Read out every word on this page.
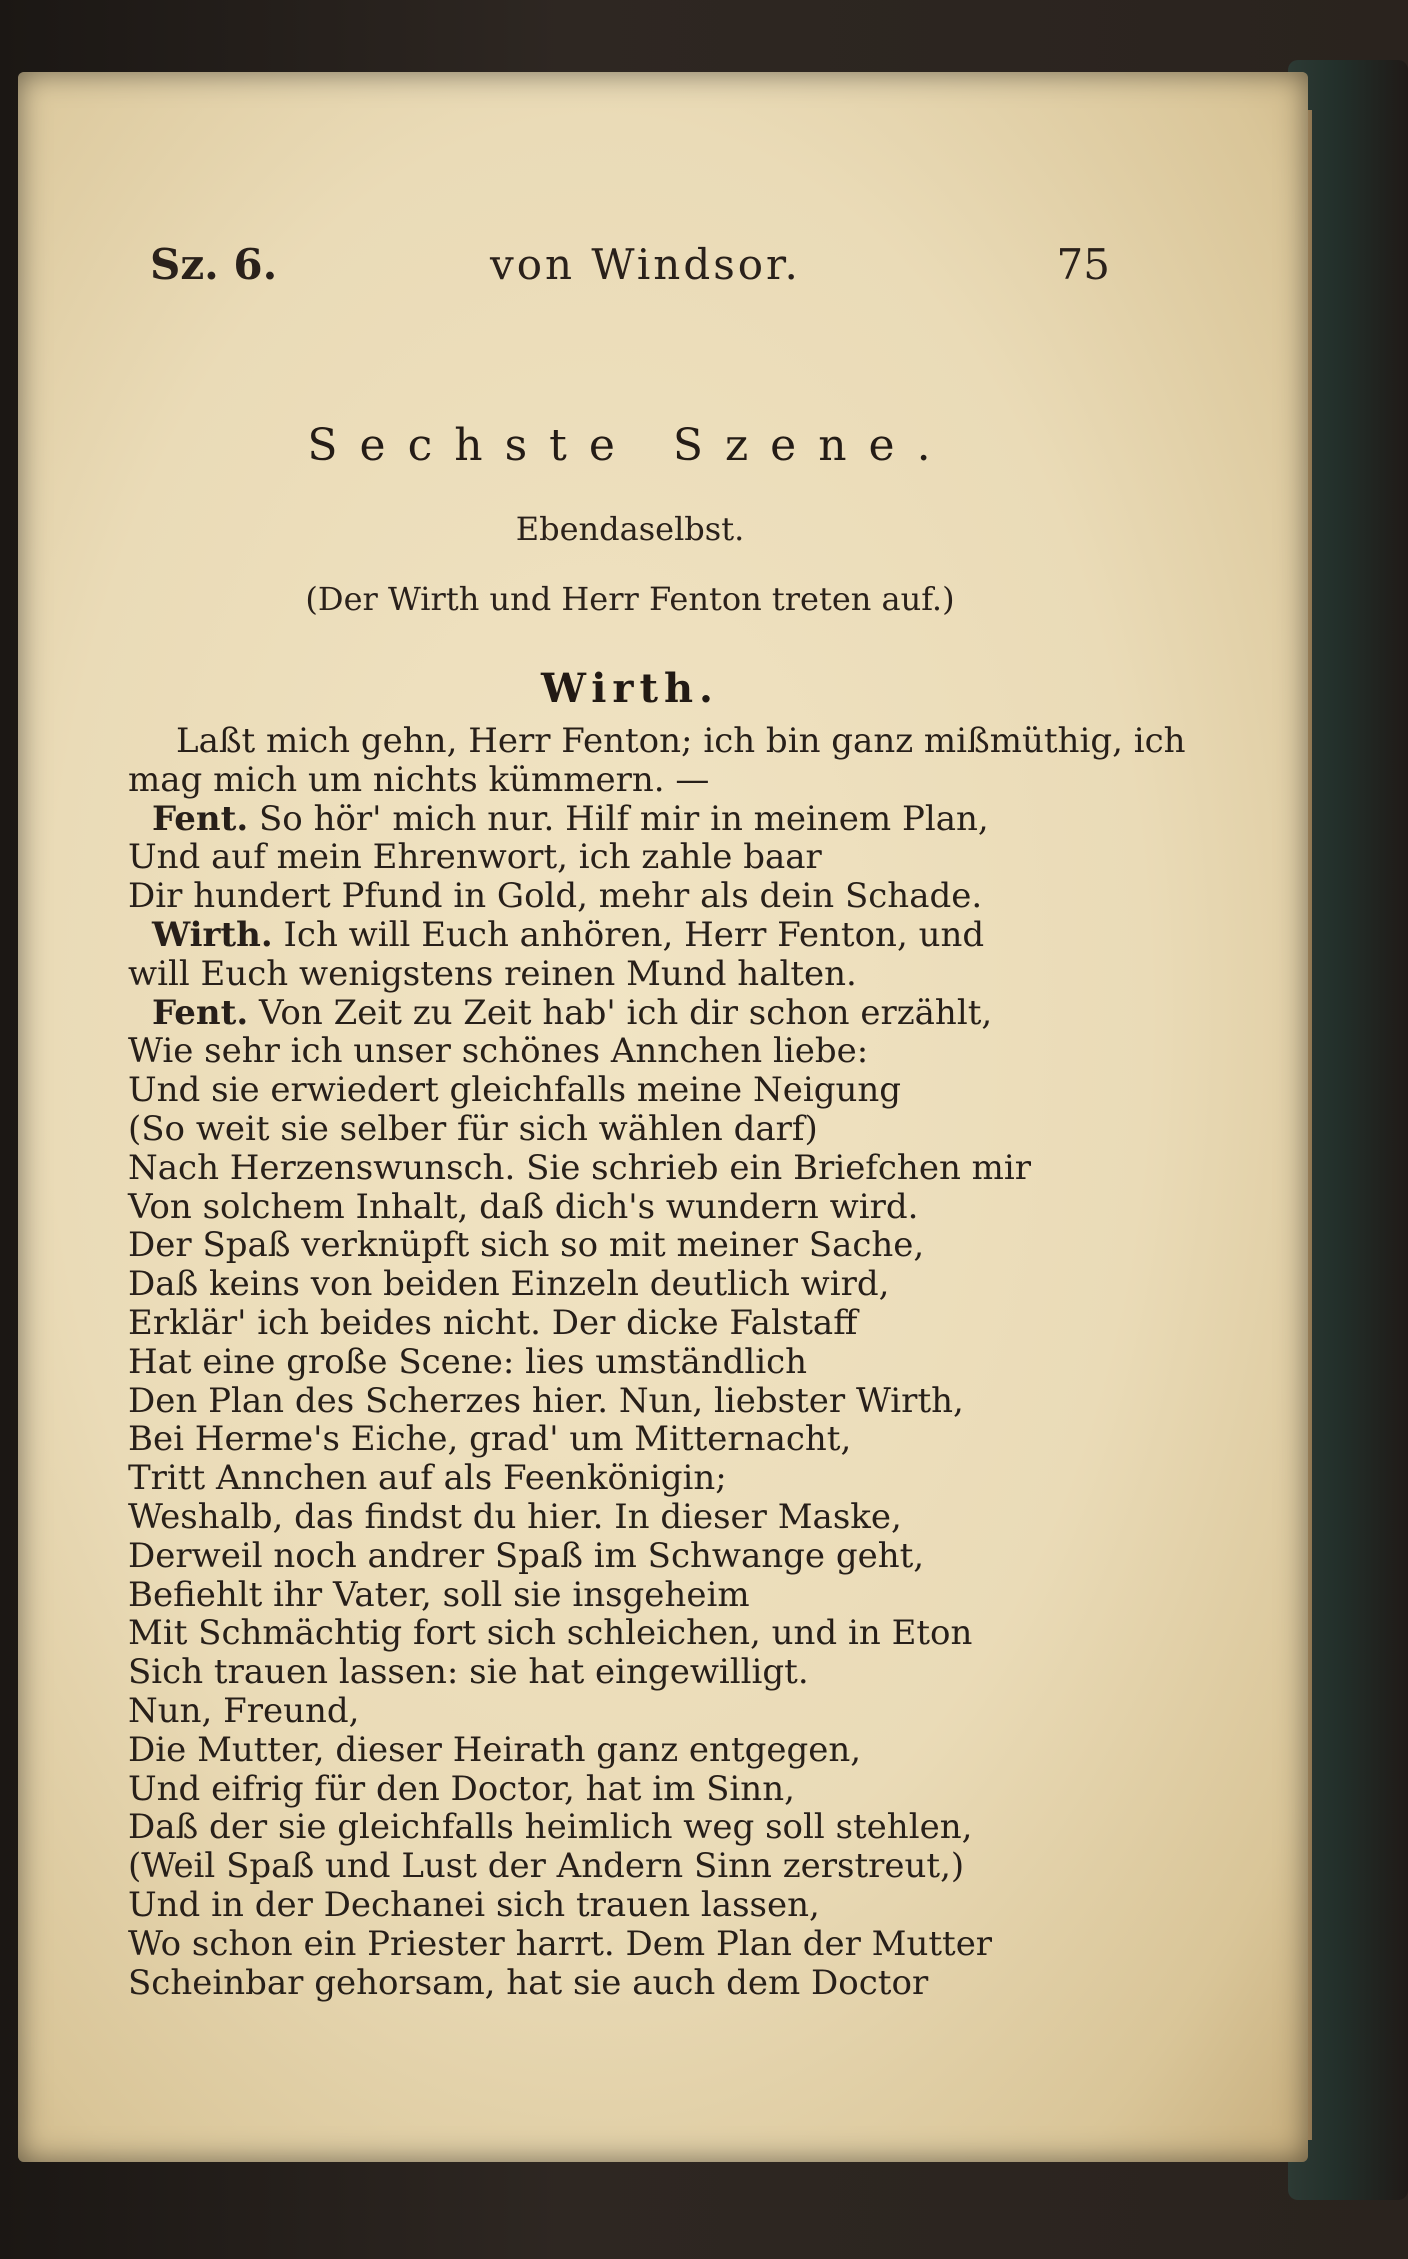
Sz. 6.	von Windsor.	75
Sechste Szene.
Ebendaselbst.
(Der Wirth und Herr Fenton treten auf.)
Wirth.
Laßt mich gehn, Herr Fenton; ich bin ganz mißmüthig, ich
mag mich um nichts kümmern. —
Fent. So hör' mich nur. Hilf mir in meinem Plan,
Und auf mein Ehrenwort, ich zahle baar
Dir hundert Pfund in Gold, mehr als dein Schade.
Wirth. Ich will Euch anhören, Herr Fenton, und
will Euch wenigstens reinen Mund halten.
Fent. Von Zeit zu Zeit hab' ich dir schon erzählt,
Wie sehr ich unser schönes Annchen liebe:
Und sie erwiedert gleichfalls meine Neigung
(So weit sie selber für sich wählen darf)
Nach Herzenswunsch. Sie schrieb ein Briefchen mir
Von solchem Inhalt, daß dich's wundern wird.
Der Spaß verknüpft sich so mit meiner Sache,
Daß keins von beiden Einzeln deutlich wird,
Erklär' ich beides nicht. Der dicke Falstaff
Hat eine große Scene: lies umständlich
Den Plan des Scherzes hier. Nun, liebster Wirth,
Bei Herme's Eiche, grad' um Mitternacht,
Tritt Annchen auf als Feenkönigin;
Weshalb, das findst du hier. In dieser Maske,
Derweil noch andrer Spaß im Schwange geht,
Befiehlt ihr Vater, soll sie insgeheim
Mit Schmächtig fort sich schleichen, und in Eton
Sich trauen lassen: sie hat eingewilligt.
Nun, Freund,
Die Mutter, dieser Heirath ganz entgegen,
Und eifrig für den Doctor, hat im Sinn,
Daß der sie gleichfalls heimlich weg soll stehlen,
(Weil Spaß und Lust der Andern Sinn zerstreut,)
Und in der Dechanei sich trauen lassen,
Wo schon ein Priester harrt. Dem Plan der Mutter
Scheinbar gehorsam, hat sie auch dem Doctor
